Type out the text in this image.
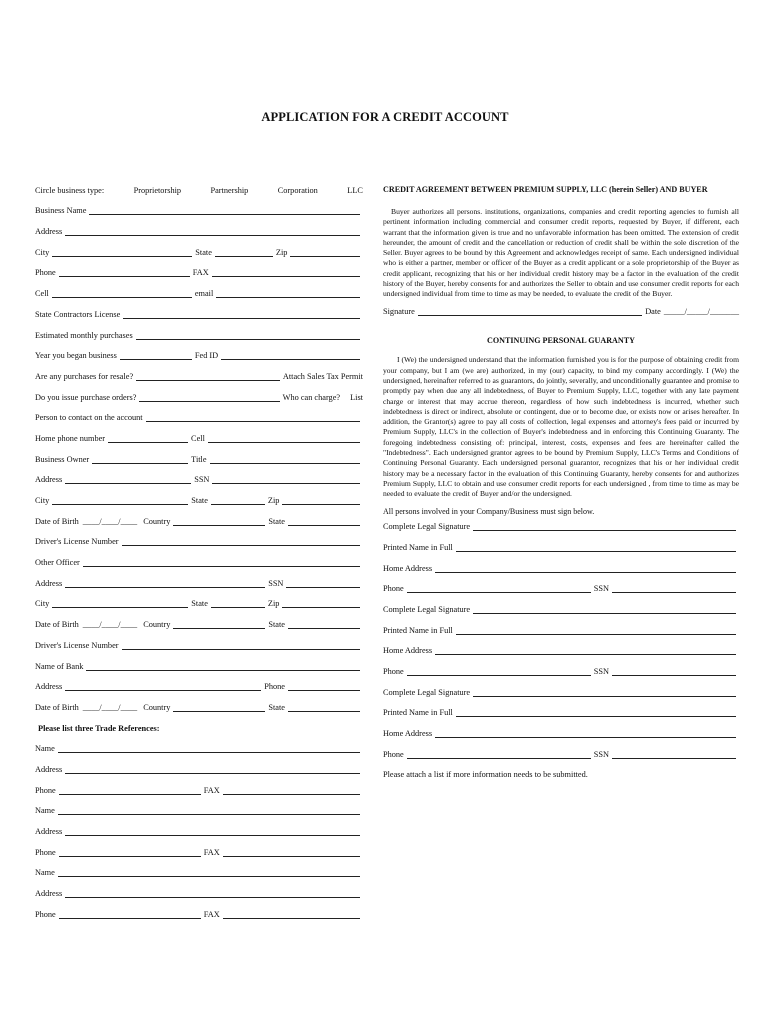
APPLICATION FOR A CREDIT ACCOUNT
Circle business type:	Proprietorship	Partnership	Corporation	LLC
Business Name
Address
City	State	Zip
Phone	FAX
Cell	email
State Contractors License
Estimated monthly purchases
Year you began business	Fed ID
Are any purchases for resale?	Attach Sales Tax Permit
Do you issue purchase orders?	Who can charge? List
Person to contact on the account
Home phone number	Cell
Business Owner	Title
Address	SSN
City	State	Zip
Date of Birth ____/____/____ Country	State
Driver's License Number
Other Officer
Address	SSN
City	State	Zip
Date of Birth ____/____/____ Country	State
Driver's License Number
Name of Bank
Address	Phone
Date of Birth ____/____/____ Country	State
Please list three Trade References:
Name
Address
Phone	FAX
Name
Address
Phone	FAX
Name
Address
Phone	FAX
CREDIT AGREEMENT BETWEEN PREMIUM SUPPLY, LLC (herein Seller) AND BUYER

Buyer authorizes all persons. institutions, organizations, companies and credit reporting agencies to furnish all pertinent information including commercial and consumer credit reports, requested by Buyer, if different, each warrant that the information given is true and no unfavorable information has been omitted. The extension of credit hereunder, the amount of credit and the cancellation or reduction of credit shall be within the sole discretion of the Seller. Buyer agrees to be bound by this Agreement and acknowledges receipt of same. Each undersigned individual who is either a partner, member or officer of the Buyer as a credit applicant or a sole proprietorship of the Buyer as credit applicant, recognizing that his or her individual credit history may be a factor in the evaluation of the credit history of the Buyer, hereby consents for and authorizes the Seller to obtain and use consumer credit reports for each undersigned individual from time to time as may be needed, to evaluate the credit of the Buyer.

Signature	Date _____/_____/_______
CONTINUING PERSONAL GUARANTY

I (We) the undersigned understand that the information furnished you is for the purpose of obtaining credit from your company, but I am (we are) authorized, in my (our) capacity, to bind my company accordingly. I (We) the undersigned, hereinafter referred to as guarantors, do jointly, severally, and unconditionally guarantee and promise to promptly pay when due any all indebtedness, of Buyer to Premium Supply, LLC, together with any late payment charge or interest that may accrue thereon, regardless of how such indebtedness is incurred, whether such indebtedness is direct or indirect, absolute or contingent, due or to become due, or exists now or arises hereafter. In addition, the Grantor(s) agree to pay all costs of collection, legal expenses and attorney's fees paid or incurred by Premium Supply, LLC's in the collection of Buyer's indebtedness and in enforcing this Continuing Guaranty. The foregoing indebtedness consisting of: principal, interest, costs, expenses and fees are hereinafter called the "Indebtedness". Each undersigned grantor agrees to be bound by Premium Supply, LLC's Terms and Conditions of Continuing Personal Guaranty. Each undersigned personal guarantor, recognizes that his or her individual credit history may be a necessary factor in the evaluation of this Continuing Guaranty, hereby consents for and authorizes Premium Supply, LLC to obtain and use consumer credit reports for each undersigned , from time to time as may be needed to evaluate the credit of Buyer and/or the undersigned.

All persons involved in your Company/Business must sign below.
Complete Legal Signature
Printed Name in Full
Home Address
Phone	SSN
Complete Legal Signature
Printed Name in Full
Home Address
Phone	SSN
Complete Legal Signature
Printed Name in Full
Home Address
Phone	SSN
Please attach a list if more information needs to be submitted.
